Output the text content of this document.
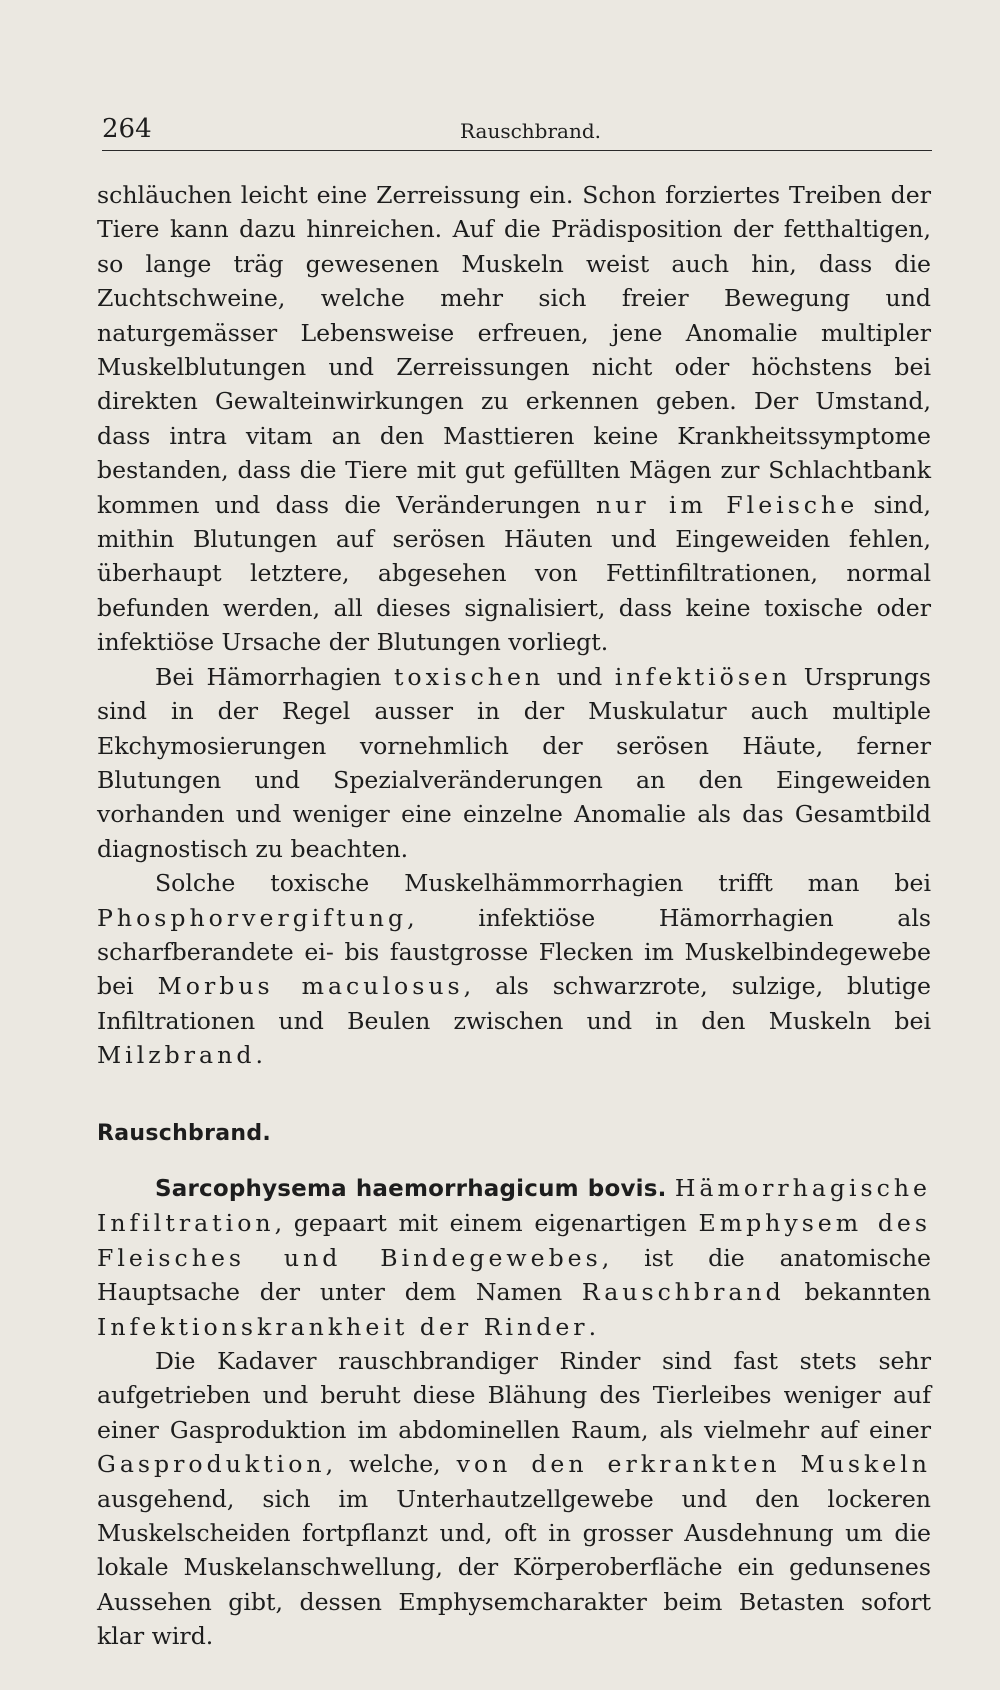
264	Rauschbrand.

schläuchen leicht eine Zerreissung ein. Schon forziertes Treiben der Tiere kann dazu hinreichen. Auf die Prädisposition der fetthaltigen, so lange träg gewesenen Muskeln weist auch hin, dass die Zuchtschweine, welche mehr sich freier Bewegung und naturgemässer Lebensweise erfreuen, jene Anomalie multipler Muskelblutungen und Zerreissungen nicht oder höchstens bei direkten Gewalteinwirkungen zu erkennen geben. Der Umstand, dass intra vitam an den Masttieren keine Krankheitssymptome bestanden, dass die Tiere mit gut gefüllten Mägen zur Schlachtbank kommen und dass die Veränderungen nur im Fleische sind, mithin Blutungen auf serösen Häuten und Eingeweiden fehlen, überhaupt letztere, abgesehen von Fettinfiltrationen, normal befunden werden, all dieses signalisiert, dass keine toxische oder infektiöse Ursache der Blutungen vorliegt.

Bei Hämorrhagien toxischen und infektiösen Ursprungs sind in der Regel ausser in der Muskulatur auch multiple Ekchymosierungen vornehmlich der serösen Häute, ferner Blutungen und Spezialveränderungen an den Eingeweiden vorhanden und weniger eine einzelne Anomalie als das Gesamtbild diagnostisch zu beachten.

Solche toxische Muskelhämmorrhagien trifft man bei Phosphorvergiftung, infektiöse Hämorrhagien als scharfberandete ei- bis faustgrosse Flecken im Muskelbindegewebe bei Morbus maculosus, als schwarzrote, sulzige, blutige Infiltrationen und Beulen zwischen und in den Muskeln bei Milzbrand.

Rauschbrand.

Sarcophysema haemorrhagicum bovis. Hämorrhagische Infiltration, gepaart mit einem eigenartigen Emphysem des Fleisches und Bindegewebes, ist die anatomische Hauptsache der unter dem Namen Rauschbrand bekannten Infektionskrankheit der Rinder.

Die Kadaver rauschbrandiger Rinder sind fast stets sehr aufgetrieben und beruht diese Blähung des Tierleibes weniger auf einer Gasproduktion im abdominellen Raum, als vielmehr auf einer Gasproduktion, welche, von den erkrankten Muskeln ausgehend, sich im Unterhautzellgewebe und den lockeren Muskelscheiden fortpflanzt und, oft in grosser Ausdehnung um die lokale Muskelanschwellung, der Körperoberfläche ein gedunsenes Aussehen gibt, dessen Emphysemcharakter beim Betasten sofort klar wird.
